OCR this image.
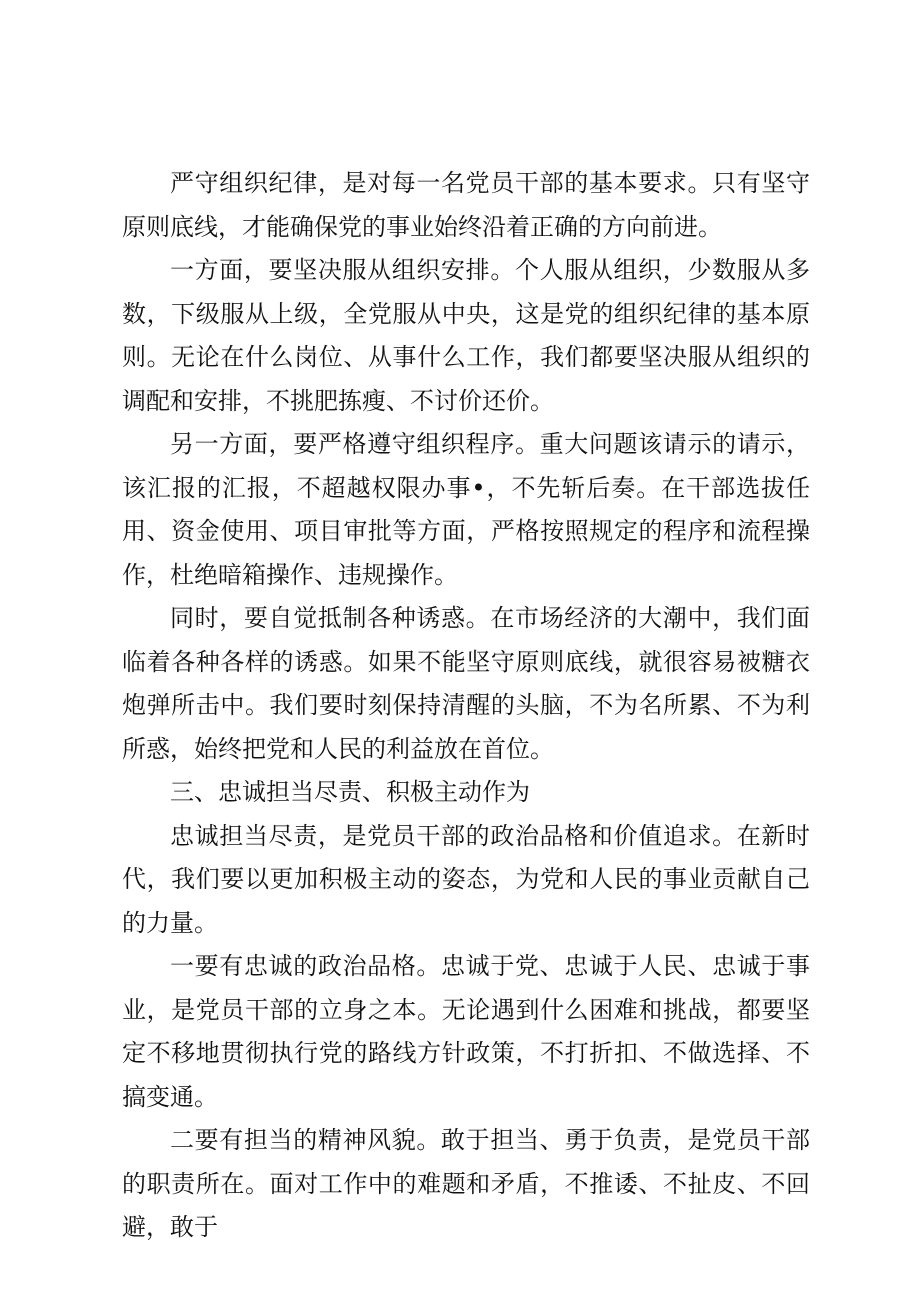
严守组织纪律，是对每一名党员干部的基本要求。只有坚守原则底线，才能确保党的事业始终沿着正确的方向前进。

一方面，要坚决服从组织安排。个人服从组织，少数服从多数，下级服从上级，全党服从中央，这是党的组织纪律的基本原则。无论在什么岗位、从事什么工作，我们都要坚决服从组织的调配和安排，不挑肥拣瘦、不讨价还价。

另一方面，要严格遵守组织程序。重大问题该请示的请示，该汇报的汇报，不超越权限办事•，不先斩后奏。在干部选拔任用、资金使用、项目审批等方面，严格按照规定的程序和流程操作，杜绝暗箱操作、违规操作。

同时，要自觉抵制各种诱惑。在市场经济的大潮中，我们面临着各种各样的诱惑。如果不能坚守原则底线，就很容易被糖衣炮弹所击中。我们要时刻保持清醒的头脑，不为名所累、不为利所惑，始终把党和人民的利益放在首位。

三、忠诚担当尽责、积极主动作为

忠诚担当尽责，是党员干部的政治品格和价值追求。在新时代，我们要以更加积极主动的姿态，为党和人民的事业贡献自己的力量。

一要有忠诚的政治品格。忠诚于党、忠诚于人民、忠诚于事业，是党员干部的立身之本。无论遇到什么困难和挑战，都要坚定不移地贯彻执行党的路线方针政策，不打折扣、不做选择、不搞变通。

二要有担当的精神风貌。敢于担当、勇于负责，是党员干部的职责所在。面对工作中的难题和矛盾，不推诿、不扯皮、不回避，敢于
